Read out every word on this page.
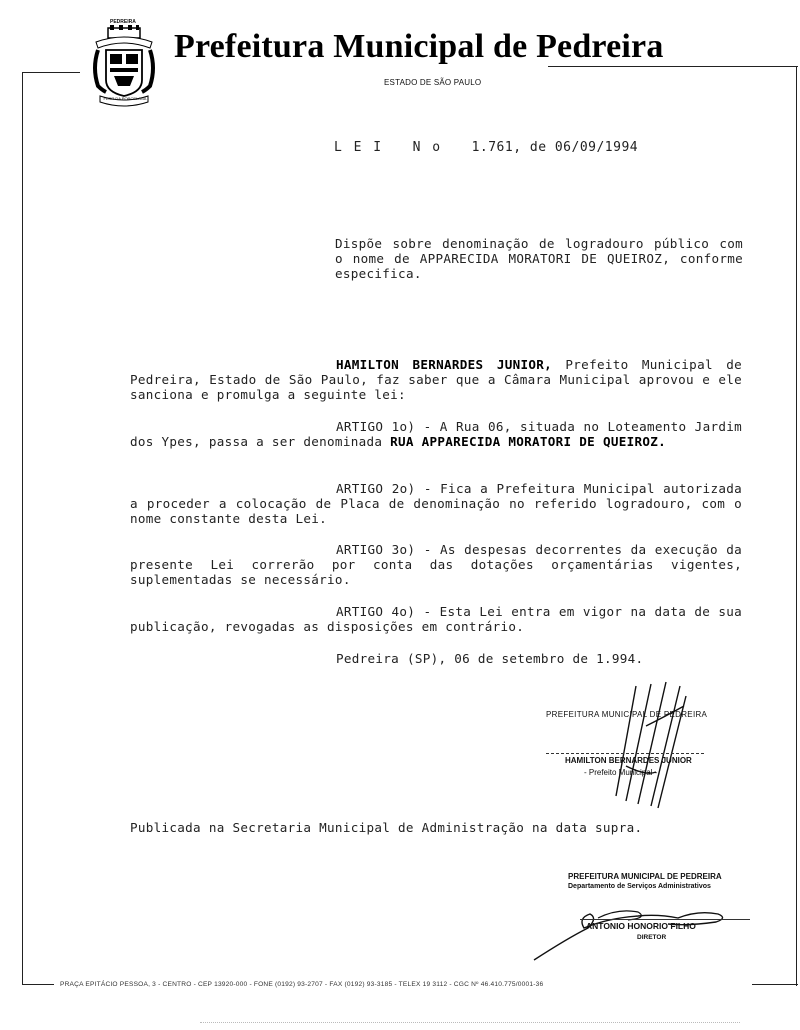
FLOR DA PORCELANA
PEDREIRA
Prefeitura Municipal de Pedreira
ESTADO DE SÃO PAULO
L E I   N o 1.761, de 06/09/1994
Dispõe sobre denominação de logradouro público com o nome de APPARECIDA MORATORI DE QUEIROZ, conforme especifica.
HAMILTON BERNARDES JUNIOR, Prefeito Municipal de Pedreira, Estado de São Paulo, faz saber que a Câmara Municipal aprovou e ele sanciona e promulga a seguinte lei:
ARTIGO 1o) - A Rua 06, situada no Loteamento Jardim dos Ypes, passa a ser denominada RUA APPARECIDA MORATORI DE QUEIROZ.
ARTIGO 2o) - Fica a Prefeitura Municipal autorizada a proceder a colocação de Placa de denominação no referido logradouro, com o nome constante desta Lei.
ARTIGO 3o) - As despesas decorrentes da execução da presente Lei correrão por conta das dotações orçamentárias vigentes, suplementadas se necessário.
ARTIGO 4o) - Esta Lei entra em vigor na data de sua publicação, revogadas as disposições em contrário.
Pedreira (SP), 06 de setembro de 1.994.
PREFEITURA MUNICIPAL DE PEDREIRA
HAMILTON BERNARDES JUNIOR
- Prefeito Municipal -
Publicada na Secretaria Municipal de Administração na data supra.
PREFEITURA MUNICIPAL DE PEDREIRA
Departamento de Serviços Administrativos
ANTONIO HONORIO FILHO
DIRETOR
PRAÇA EPITÁCIO PESSOA, 3 - CENTRO - CEP 13920-000 - FONE (0192) 93-2707 - FAX (0192) 93-3185 - TELEX 19 3112 - CGC Nº 46.410.775/0001-36
